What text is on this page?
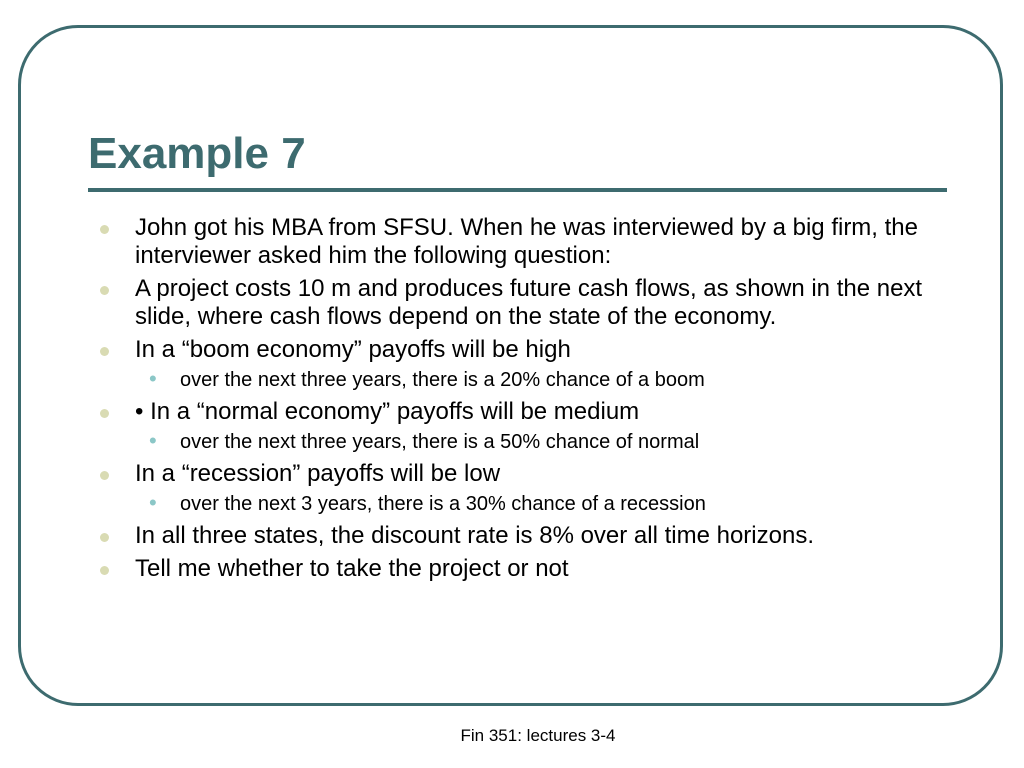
Example 7
John got his MBA from SFSU. When he was interviewed by a big firm, the interviewer asked him the following question:
A project costs 10 m and produces future cash flows, as shown in the next slide, where cash flows depend on the state of the economy.
In a “boom economy” payoffs will be high
• over the next three years, there is a 20% chance of a boom
• In a “normal economy” payoffs will be medium
• over the next three years, there is a 50% chance of normal
In a “recession” payoffs will be low
• over the next 3 years, there is a 30% chance of a recession
In all three states, the discount rate is 8% over all time horizons.
Tell me whether to take the project or not
Fin 351: lectures 3-4
